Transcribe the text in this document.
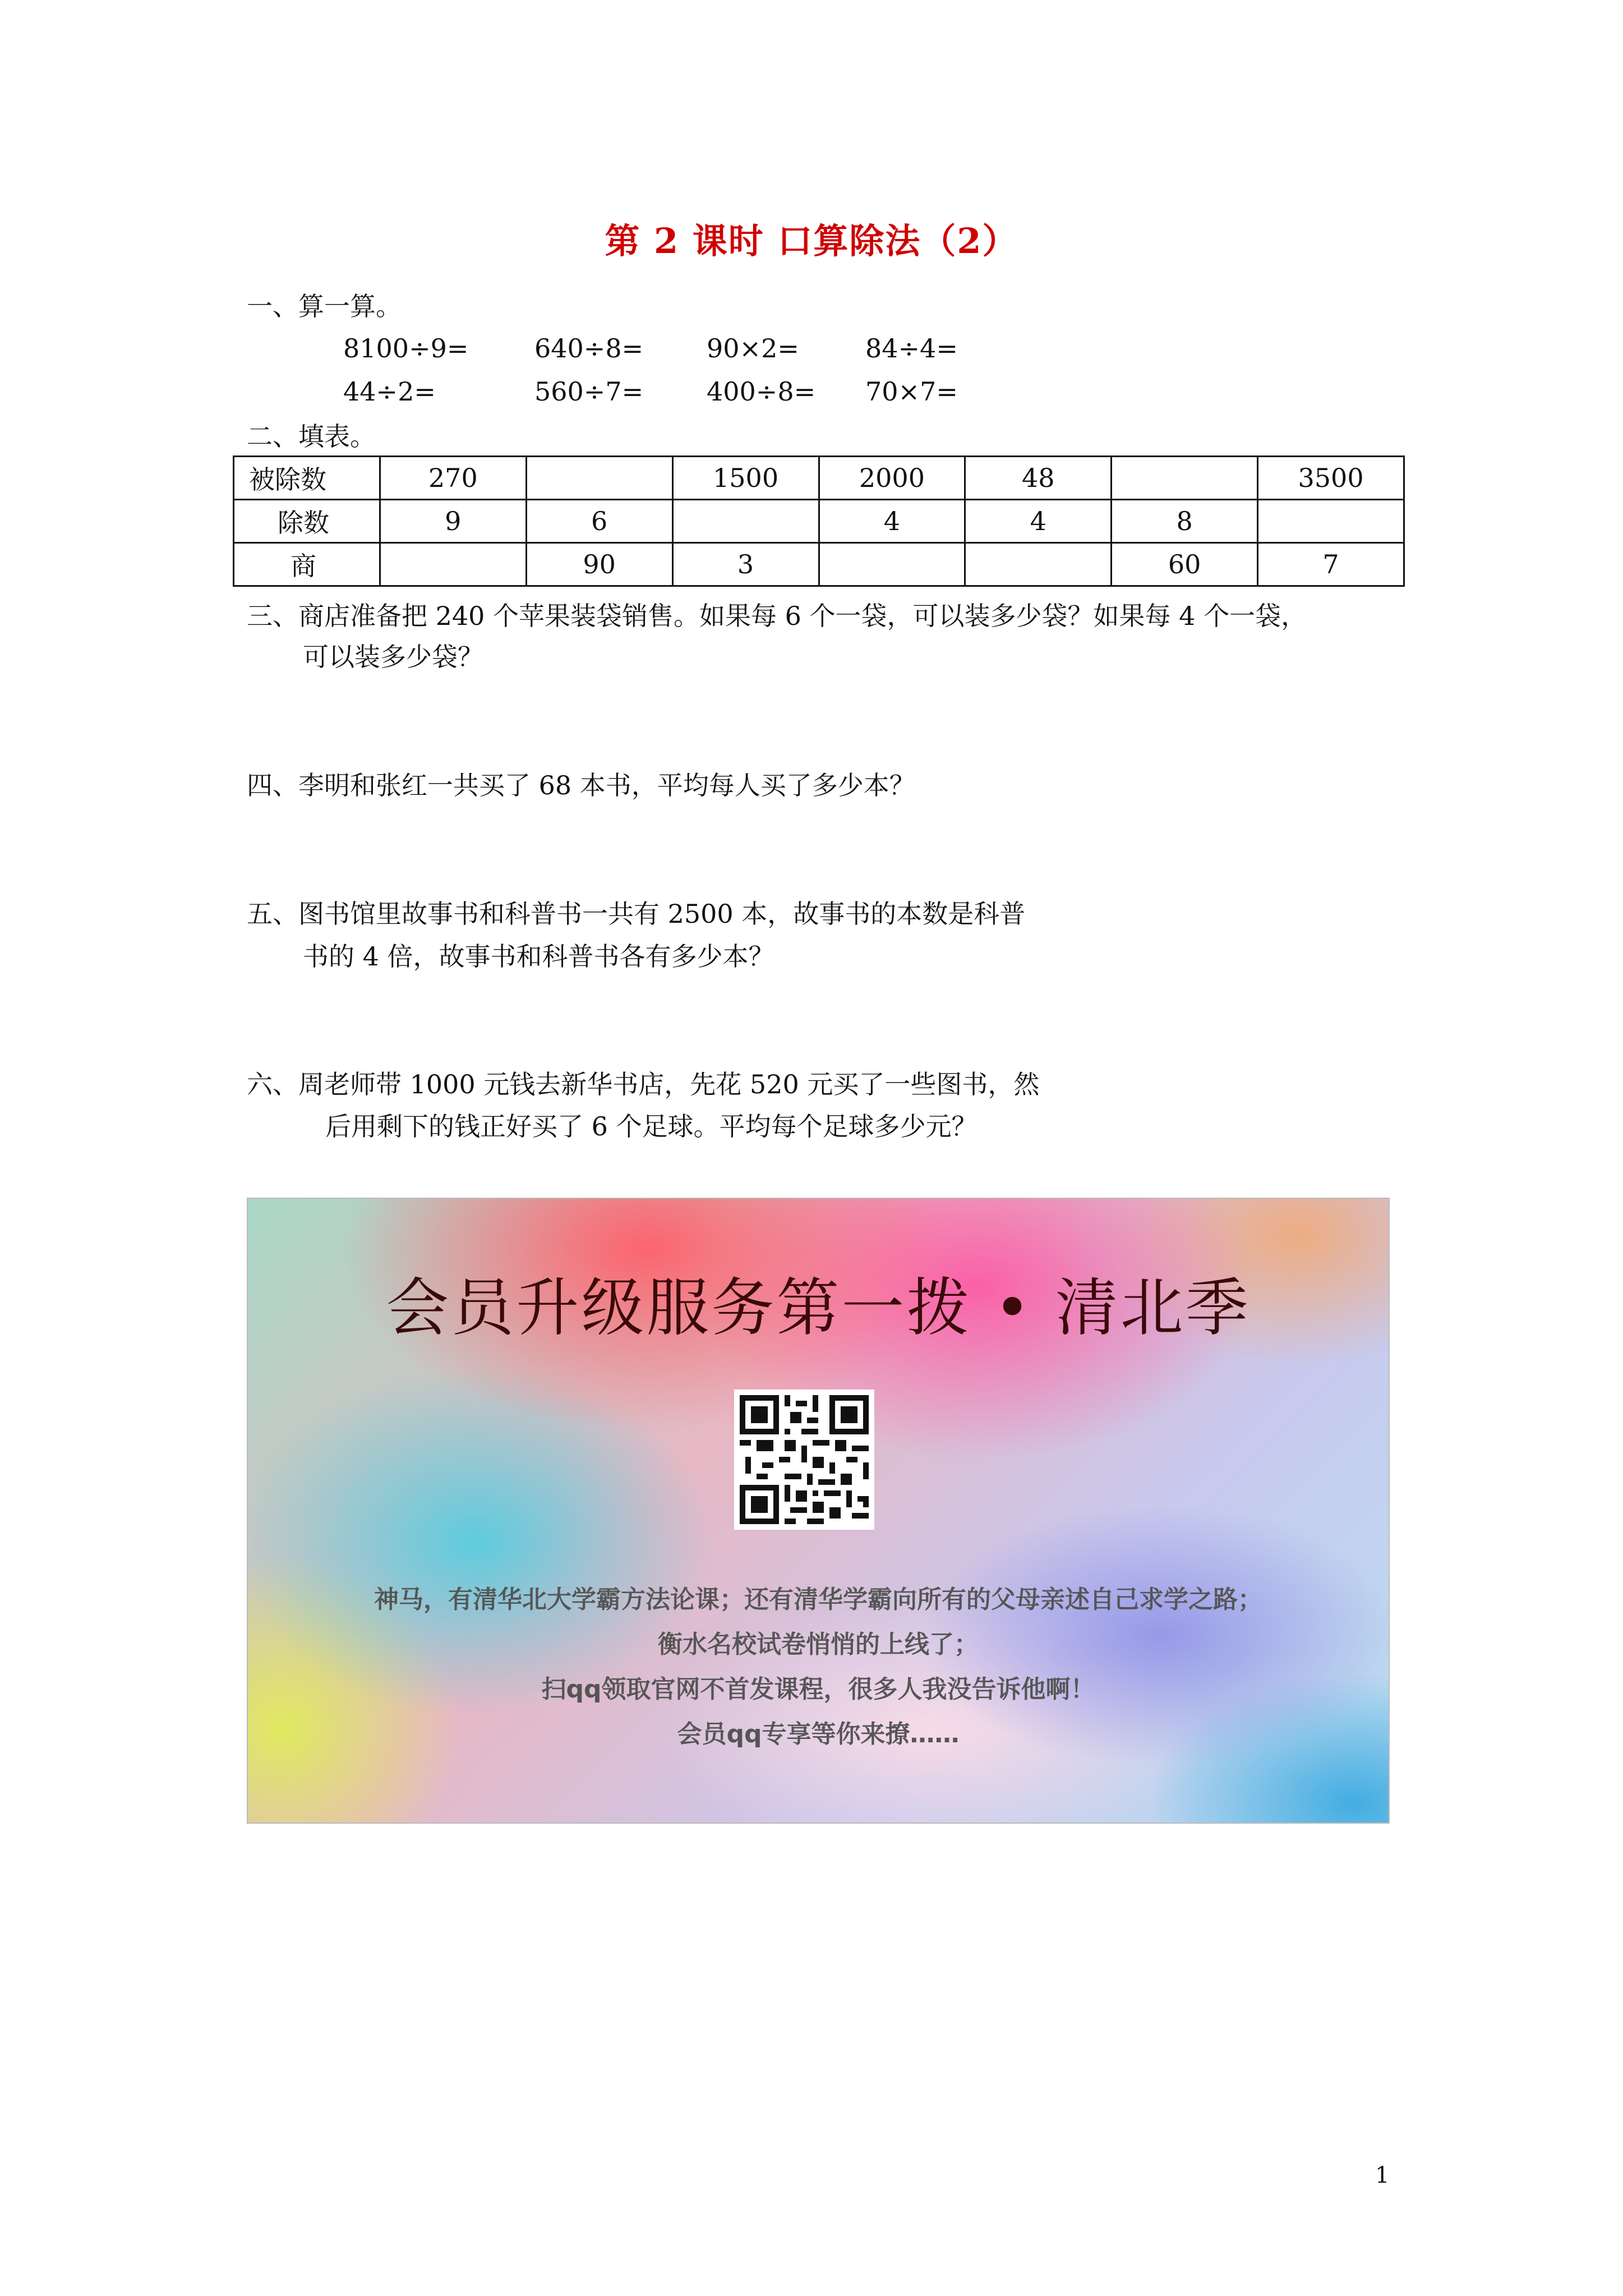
第 2 课时 口算除法（2）
一、算一算。
8100÷9=	640÷8= 90×2=	84÷4=
44÷2=	560÷7= 400÷8= 70×7=
二、填表。
被除数	270		1500	2000	48		3500
除数	9	6		4	4	8	
商		90	3			60	7
三、商店准备把 240 个苹果装袋销售。如果每 6 个一袋，可以装多少袋？如果每 4 个一袋，
可以装多少袋？
四、李明和张红一共买了 68 本书，平均每人买了多少本？
五、图书馆里故事书和科普书一共有 2500 本，故事书的本数是科普
书的 4 倍，故事书和科普书各有多少本？
六、周老师带 1000 元钱去新华书店，先花 520 元买了一些图书，然
后用剩下的钱正好买了 6 个足球。平均每个足球多少元？
会员升级服务第一拨 • 清北季
神马，有清华北大学霸方法论课；还有清华学霸向所有的父母亲述自己求学之路；
衡水名校试卷悄悄的上线了；
扫qq领取官网不首发课程，很多人我没告诉他啊！
会员qq专享等你来撩……
1
